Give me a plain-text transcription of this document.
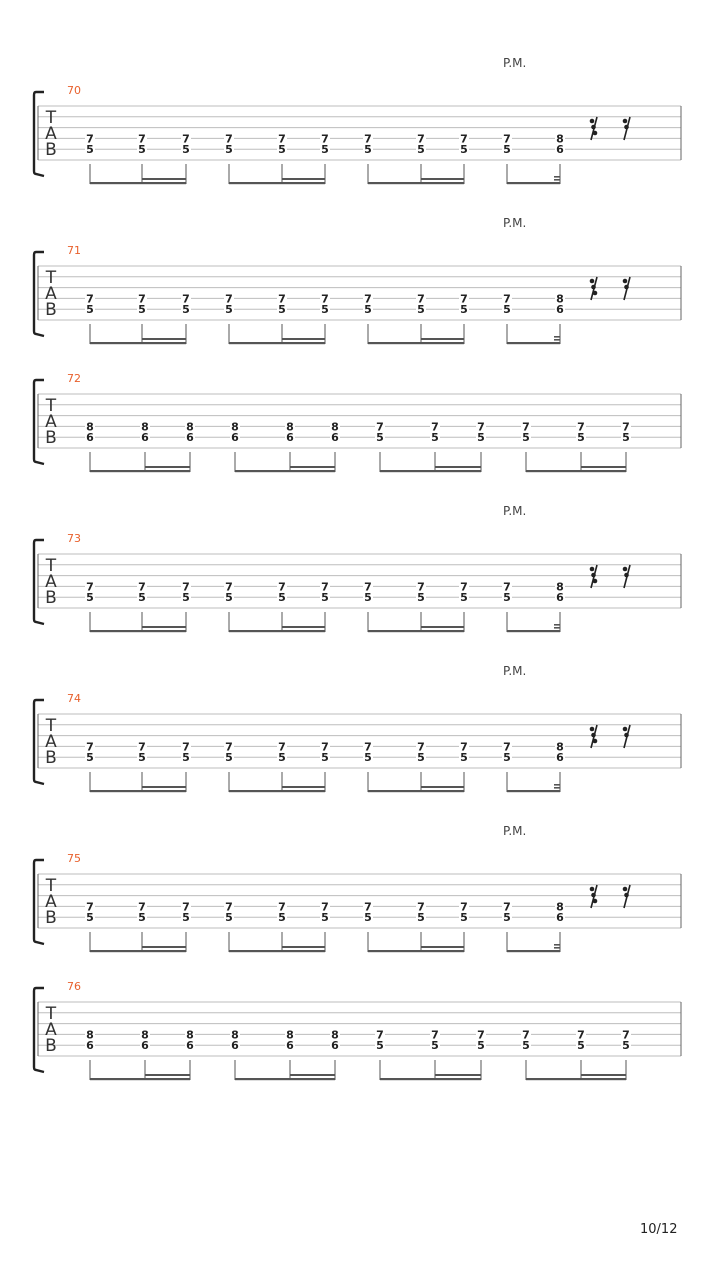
T
A
B
70
P.M.
7
5
7
5
7
5
7
5
7
5
7
5
7
5
7
5
7
5
7
5
8
6
T
A
B
71
P.M.
7
5
7
5
7
5
7
5
7
5
7
5
7
5
7
5
7
5
7
5
8
6
T
A
B
72
8
6
8
6
8
6
8
6
8
6
8
6
7
5
7
5
7
5
7
5
7
5
7
5
T
A
B
73
P.M.
7
5
7
5
7
5
7
5
7
5
7
5
7
5
7
5
7
5
7
5
8
6
T
A
B
74
P.M.
7
5
7
5
7
5
7
5
7
5
7
5
7
5
7
5
7
5
7
5
8
6
T
A
B
75
P.M.
7
5
7
5
7
5
7
5
7
5
7
5
7
5
7
5
7
5
7
5
8
6
T
A
B
76
8
6
8
6
8
6
8
6
8
6
8
6
7
5
7
5
7
5
7
5
7
5
7
5
10/12
